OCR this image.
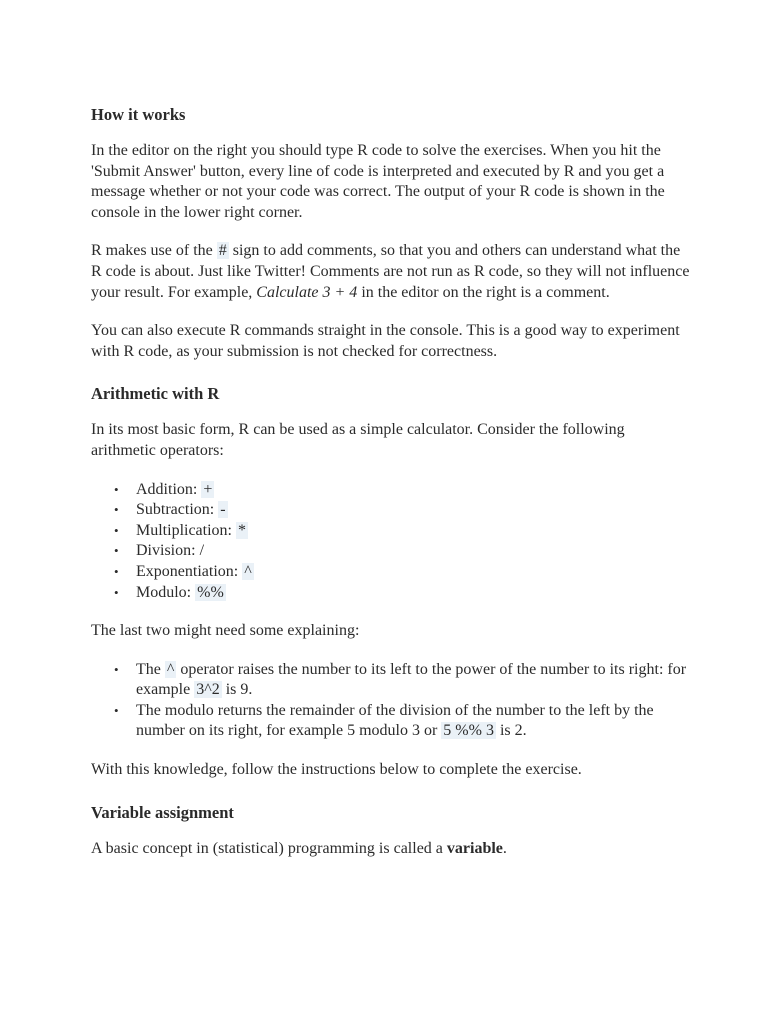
How it works

In the editor on the right you should type R code to solve the exercises. When you hit the 'Submit Answer' button, every line of code is interpreted and executed by R and you get a message whether or not your code was correct. The output of your R code is shown in the console in the lower right corner.

R makes use of the # sign to add comments, so that you and others can understand what the R code is about. Just like Twitter! Comments are not run as R code, so they will not influence your result. For example, Calculate 3 + 4 in the editor on the right is a comment.

You can also execute R commands straight in the console. This is a good way to experiment with R code, as your submission is not checked for correctness.

Arithmetic with R

In its most basic form, R can be used as a simple calculator. Consider the following arithmetic operators:

• Addition: +
• Subtraction: -
• Multiplication: *
• Division: /
• Exponentiation: ^
• Modulo: %%

The last two might need some explaining:

• The ^ operator raises the number to its left to the power of the number to its right: for example 3^2 is 9.
• The modulo returns the remainder of the division of the number to the left by the number on its right, for example 5 modulo 3 or 5 %% 3 is 2.

With this knowledge, follow the instructions below to complete the exercise.

Variable assignment

A basic concept in (statistical) programming is called a variable.
